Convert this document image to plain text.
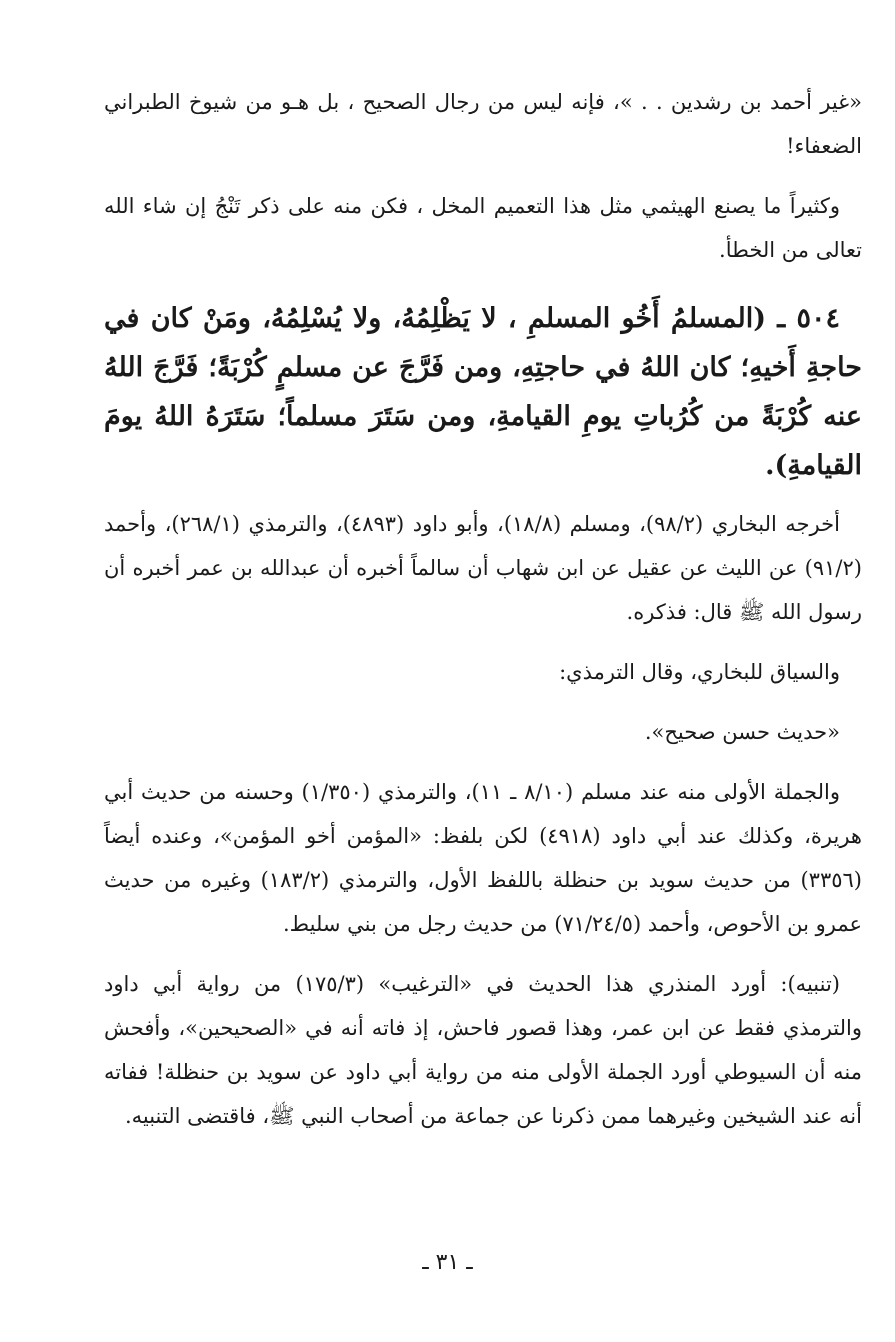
«غير أحمد بن رشدين . . »، فإنه ليس من رجال الصحيح ، بل هـو من شيوخ الطبراني الضعفاء!

وكثيراً ما يصنع الهيثمي مثل هذا التعميم المخل ، فكن منه على ذكر تَنْجُ إن شاء الله تعالى من الخطأ.

٥٠٤ ـ (المسلمُ أَخُو المسلمِ ، لا يَظْلِمُهُ، ولا يُسْلِمُهُ، ومَنْ كان في حاجةِ أَخيهِ؛ كان اللهُ في حاجتِهِ، ومن فَرَّجَ عن مسلمٍ كُرْبَةً؛ فَرَّجَ اللهُ عنه كُرْبَةً من كُرُباتِ يومِ القيامةِ، ومن سَتَرَ مسلماً؛ سَتَرَهُ اللهُ يومَ القيامةِ).

أخرجه البخاري (٩٨/٢)، ومسلم (١٨/٨)، وأبو داود (٤٨٩٣)، والترمذي (٢٦٨/١)، وأحمد (٩١/٢) عن الليث عن عقيل عن ابن شهاب أن سالماً أخبره أن عبدالله بن عمر أخبره أن رسول الله ﷺ قال: فذكره.

والسياق للبخاري، وقال الترمذي:

«حديث حسن صحيح».

والجملة الأولى منه عند مسلم (٨/١٠ ـ ١١)، والترمذي (١/٣٥٠) وحسنه من حديث أبي هريرة، وكذلك عند أبي داود (٤٩١٨) لكن بلفظ: «المؤمن أخو المؤمن»، وعنده أيضاً (٣٣٥٦) من حديث سويد بن حنظلة باللفظ الأول، والترمذي (١٨٣/٢) وغيره من حديث عمرو بن الأحوص، وأحمد (٧١/٢٤/٥) من حديث رجل من بني سليط.

(تنبيه): أورد المنذري هذا الحديث في «الترغيب» (١٧٥/٣) من رواية أبي داود والترمذي فقط عن ابن عمر، وهذا قصور فاحش، إذ فاته أنه في «الصحيحين»، وأفحش منه أن السيوطي أورد الجملة الأولى منه من رواية أبي داود عن سويد بن حنظلة! ففاته أنه عند الشيخين وغيرهما ممن ذكرنا عن جماعة من أصحاب النبي ﷺ، فاقتضى التنبيه.

ـ ٣١ ـ
